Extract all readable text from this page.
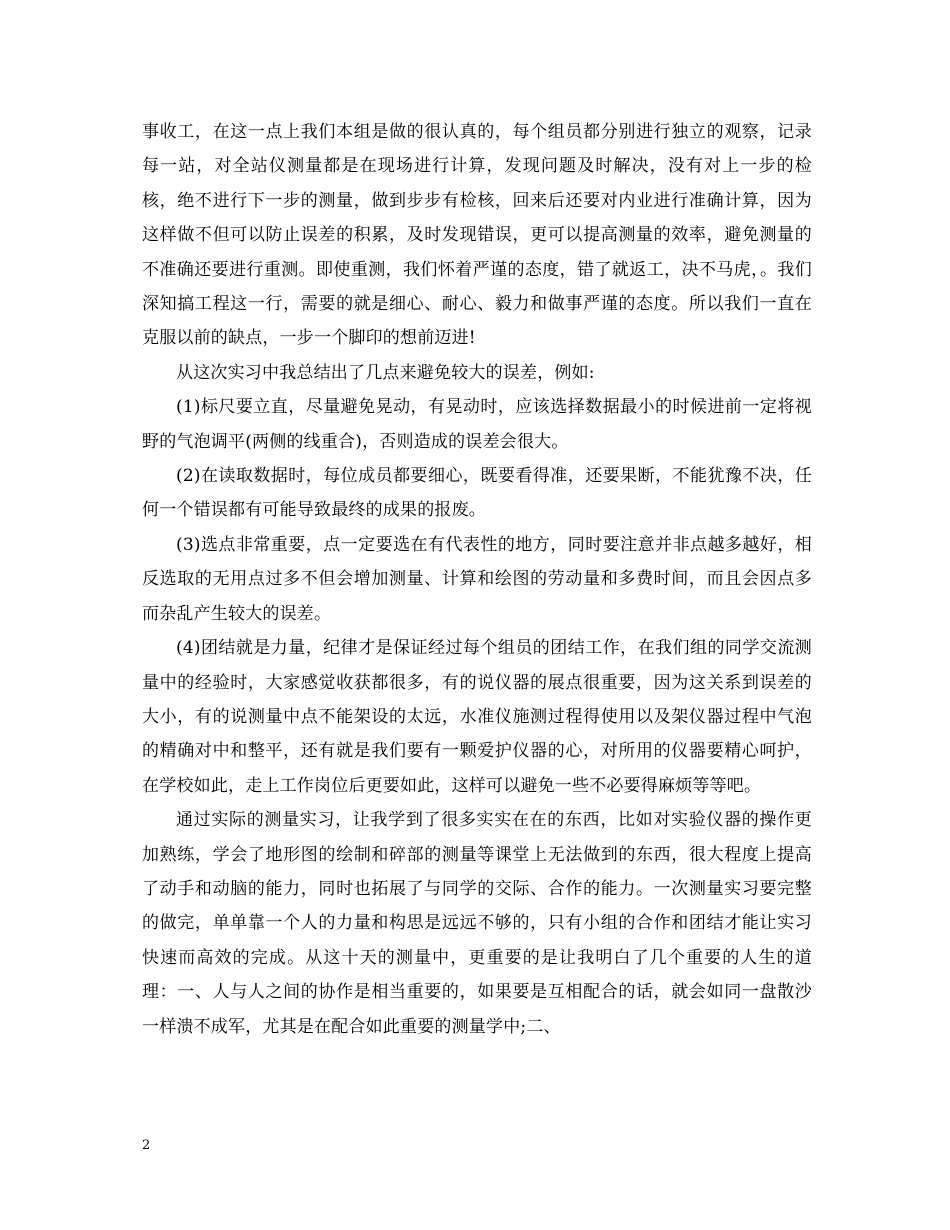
事收工，在这一点上我们本组是做的很认真的，每个组员都分别进行独立的观察，记录每一站，对全站仪测量都是在现场进行计算，发现问题及时解决，没有对上一步的检核，绝不进行下一步的测量，做到步步有检核，回来后还要对内业进行准确计算，因为这样做不但可以防止误差的积累，及时发现错误，更可以提高测量的效率，避免测量的不准确还要进行重测。即使重测，我们怀着严谨的态度，错了就返工，决不马虎，。我们深知搞工程这一行，需要的就是细心、耐心、毅力和做事严谨的态度。所以我们一直在克服以前的缺点，一步一个脚印的想前迈进!

从这次实习中我总结出了几点来避免较大的误差，例如:

(1)标尺要立直，尽量避免晃动，有晃动时，应该选择数据最小的时候进前一定将视野的气泡调平(两侧的线重合)，否则造成的误差会很大。

(2)在读取数据时，每位成员都要细心，既要看得准，还要果断，不能犹豫不决，任何一个错误都有可能导致最终的成果的报废。

(3)选点非常重要，点一定要选在有代表性的地方，同时要注意并非点越多越好，相反选取的无用点过多不但会增加测量、计算和绘图的劳动量和多费时间，而且会因点多而杂乱产生较大的误差。

(4)团结就是力量，纪律才是保证经过每个组员的团结工作，在我们组的同学交流测量中的经验时，大家感觉收获都很多，有的说仪器的展点很重要，因为这关系到误差的大小，有的说测量中点不能架设的太远，水准仪施测过程得使用以及架仪器过程中气泡的精确对中和整平，还有就是我们要有一颗爱护仪器的心，对所用的仪器要精心呵护，在学校如此，走上工作岗位后更要如此，这样可以避免一些不必要得麻烦等等吧。

通过实际的测量实习，让我学到了很多实实在在的东西，比如对实验仪器的操作更加熟练，学会了地形图的绘制和碎部的测量等课堂上无法做到的东西，很大程度上提高了动手和动脑的能力，同时也拓展了与同学的交际、合作的能力。一次测量实习要完整的做完，单单靠一个人的力量和构思是远远不够的，只有小组的合作和团结才能让实习快速而高效的完成。从这十天的测量中，更重要的是让我明白了几个重要的人生的道理：一、人与人之间的协作是相当重要的，如果要是互相配合的话，就会如同一盘散沙一样溃不成军，尤其是在配合如此重要的测量学中;二、

2
